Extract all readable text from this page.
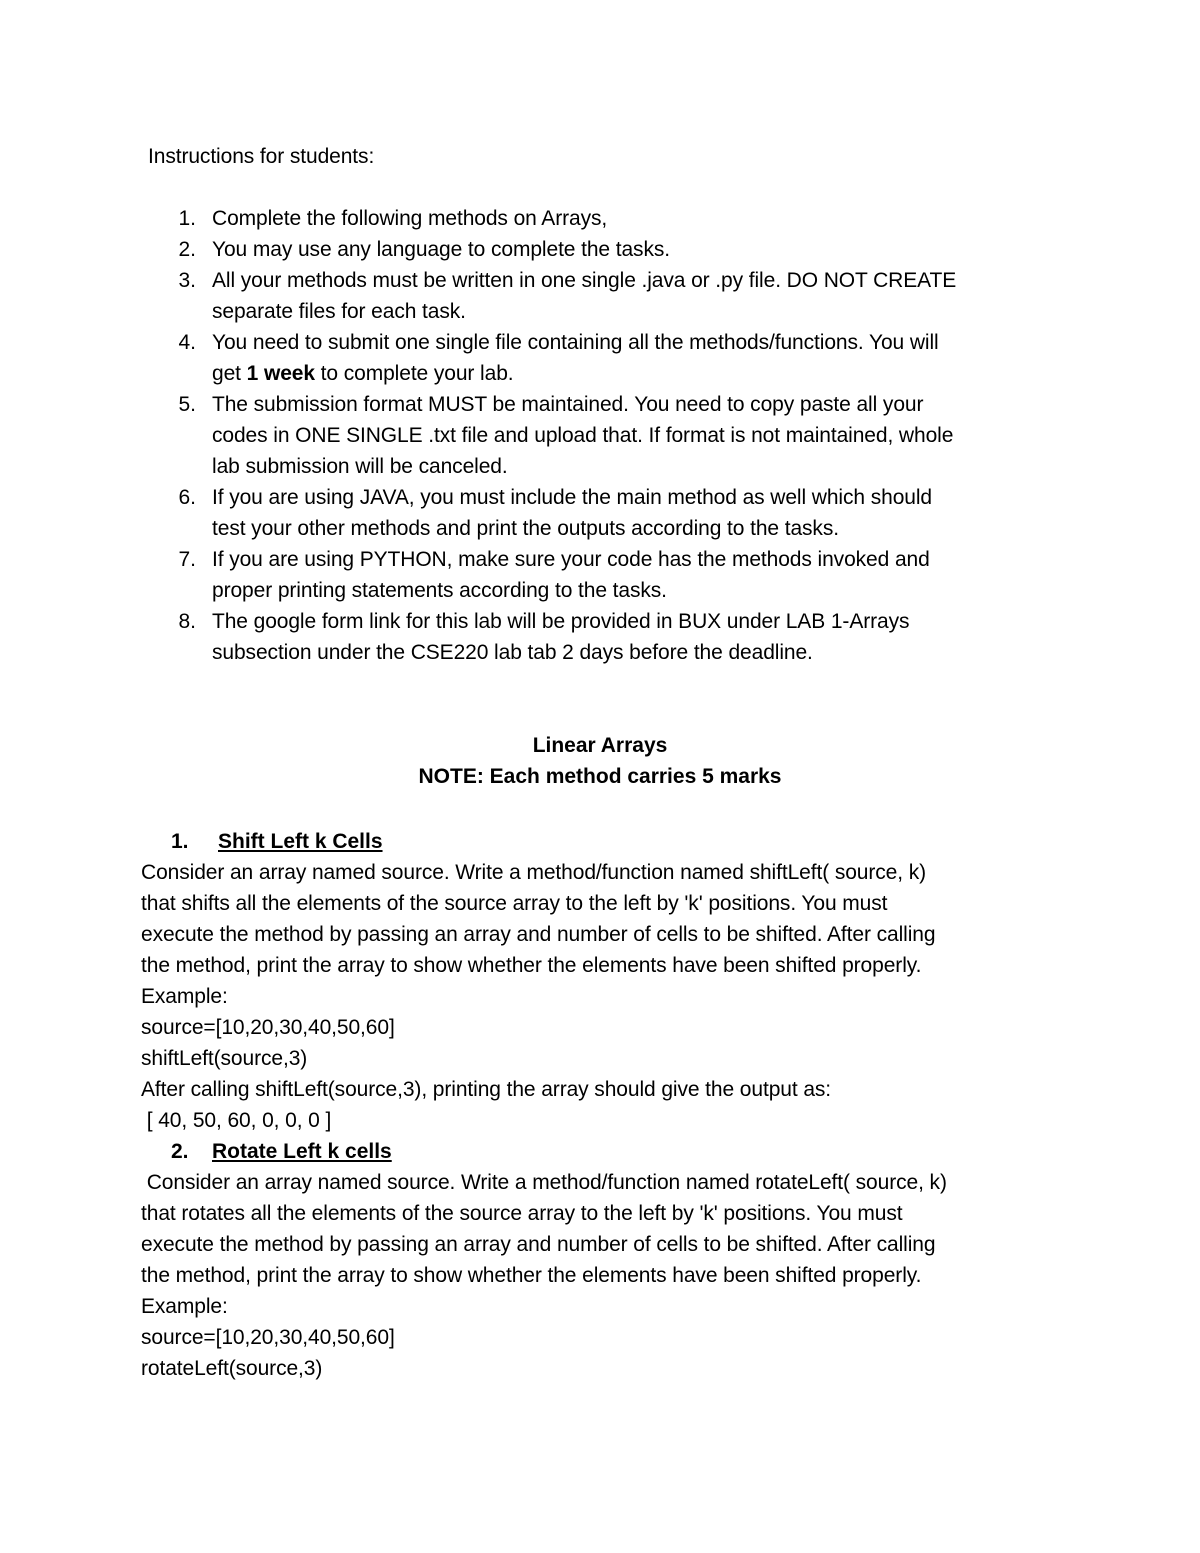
Instructions for students:
1. Complete the following methods on Arrays,
2. You may use any language to complete the tasks.
3. All your methods must be written in one single .java or .py file. DO NOT CREATE
separate files for each task.
4. You need to submit one single file containing all the methods/functions. You will
get 1 week to complete your lab.
5. The submission format MUST be maintained. You need to copy paste all your
codes in ONE SINGLE .txt file and upload that. If format is not maintained, whole
lab submission will be canceled.
6. If you are using JAVA, you must include the main method as well which should
test your other methods and print the outputs according to the tasks.
7. If you are using PYTHON, make sure your code has the methods invoked and
proper printing statements according to the tasks.
8. The google form link for this lab will be provided in BUX under LAB 1-Arrays
subsection under the CSE220 lab tab 2 days before the deadline.
Linear Arrays
NOTE: Each method carries 5 marks
1. Shift Left k Cells
Consider an array named source. Write a method/function named shiftLeft( source, k)
that shifts all the elements of the source array to the left by 'k' positions. You must
execute the method by passing an array and number of cells to be shifted. After calling
the method, print the array to show whether the elements have been shifted properly.
Example:
source=[10,20,30,40,50,60]
shiftLeft(source,3)
After calling shiftLeft(source,3), printing the array should give the output as:
[ 40, 50, 60, 0, 0, 0 ]
2. Rotate Left k cells
Consider an array named source. Write a method/function named rotateLeft( source, k)
that rotates all the elements of the source array to the left by 'k' positions. You must
execute the method by passing an array and number of cells to be shifted. After calling
the method, print the array to show whether the elements have been shifted properly.
Example:
source=[10,20,30,40,50,60]
rotateLeft(source,3)
